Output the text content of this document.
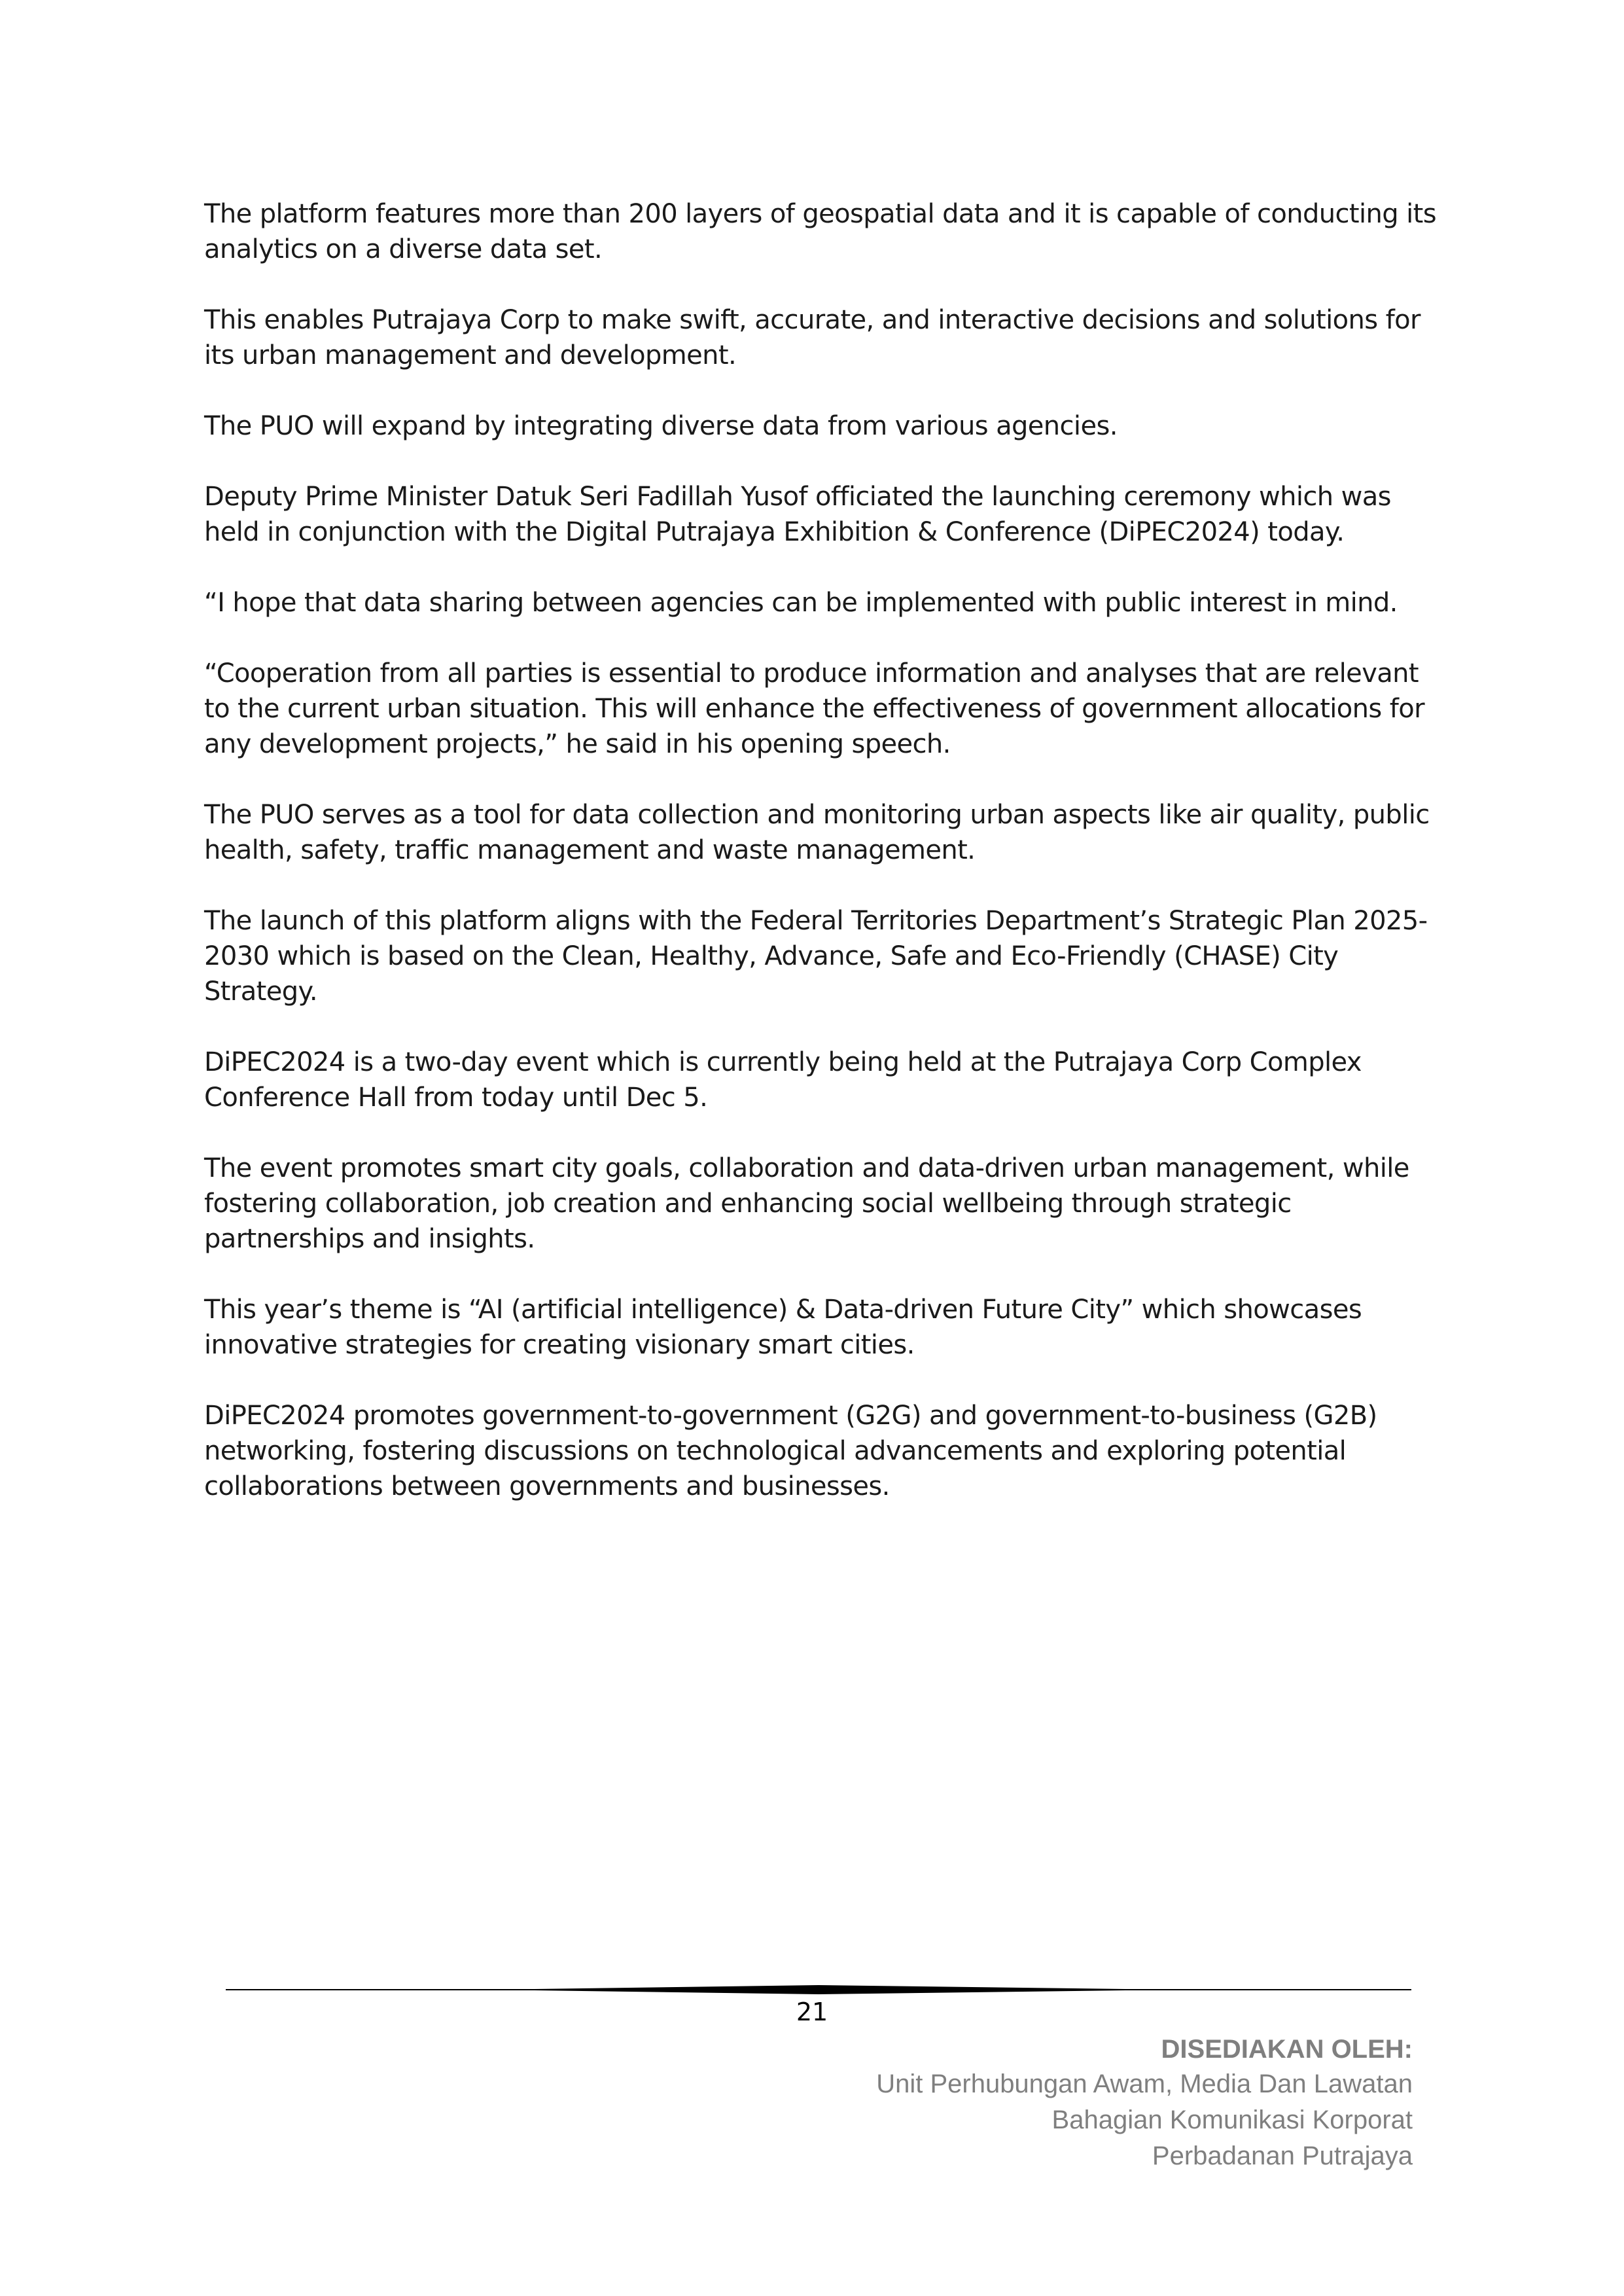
The platform features more than 200 layers of geospatial data and it is capable of conducting its analytics on a diverse data set.

This enables Putrajaya Corp to make swift, accurate, and interactive decisions and solutions for its urban management and development.

The PUO will expand by integrating diverse data from various agencies.

Deputy Prime Minister Datuk Seri Fadillah Yusof officiated the launching ceremony which was held in conjunction with the Digital Putrajaya Exhibition & Conference (DiPEC2024) today.

“I hope that data sharing between agencies can be implemented with public interest in mind.

“Cooperation from all parties is essential to produce information and analyses that are relevant to the current urban situation. This will enhance the effectiveness of government allocations for any development projects,” he said in his opening speech.

The PUO serves as a tool for data collection and monitoring urban aspects like air quality, public health, safety, traffic management and waste management.

The launch of this platform aligns with the Federal Territories Department’s Strategic Plan 2025-2030 which is based on the Clean, Healthy, Advance, Safe and Eco-Friendly (CHASE) City Strategy.

DiPEC2024 is a two-day event which is currently being held at the Putrajaya Corp Complex Conference Hall from today until Dec 5.

The event promotes smart city goals, collaboration and data-driven urban management, while fostering collaboration, job creation and enhancing social wellbeing through strategic partnerships and insights.

This year’s theme is “AI (artificial intelligence) & Data-driven Future City” which showcases innovative strategies for creating visionary smart cities.

DiPEC2024 promotes government-to-government (G2G) and government-to-business (G2B) networking, fostering discussions on technological advancements and exploring potential collaborations between governments and businesses.

21
DISEDIAKAN OLEH:
Unit Perhubungan Awam, Media Dan Lawatan
Bahagian Komunikasi Korporat
Perbadanan Putrajaya
